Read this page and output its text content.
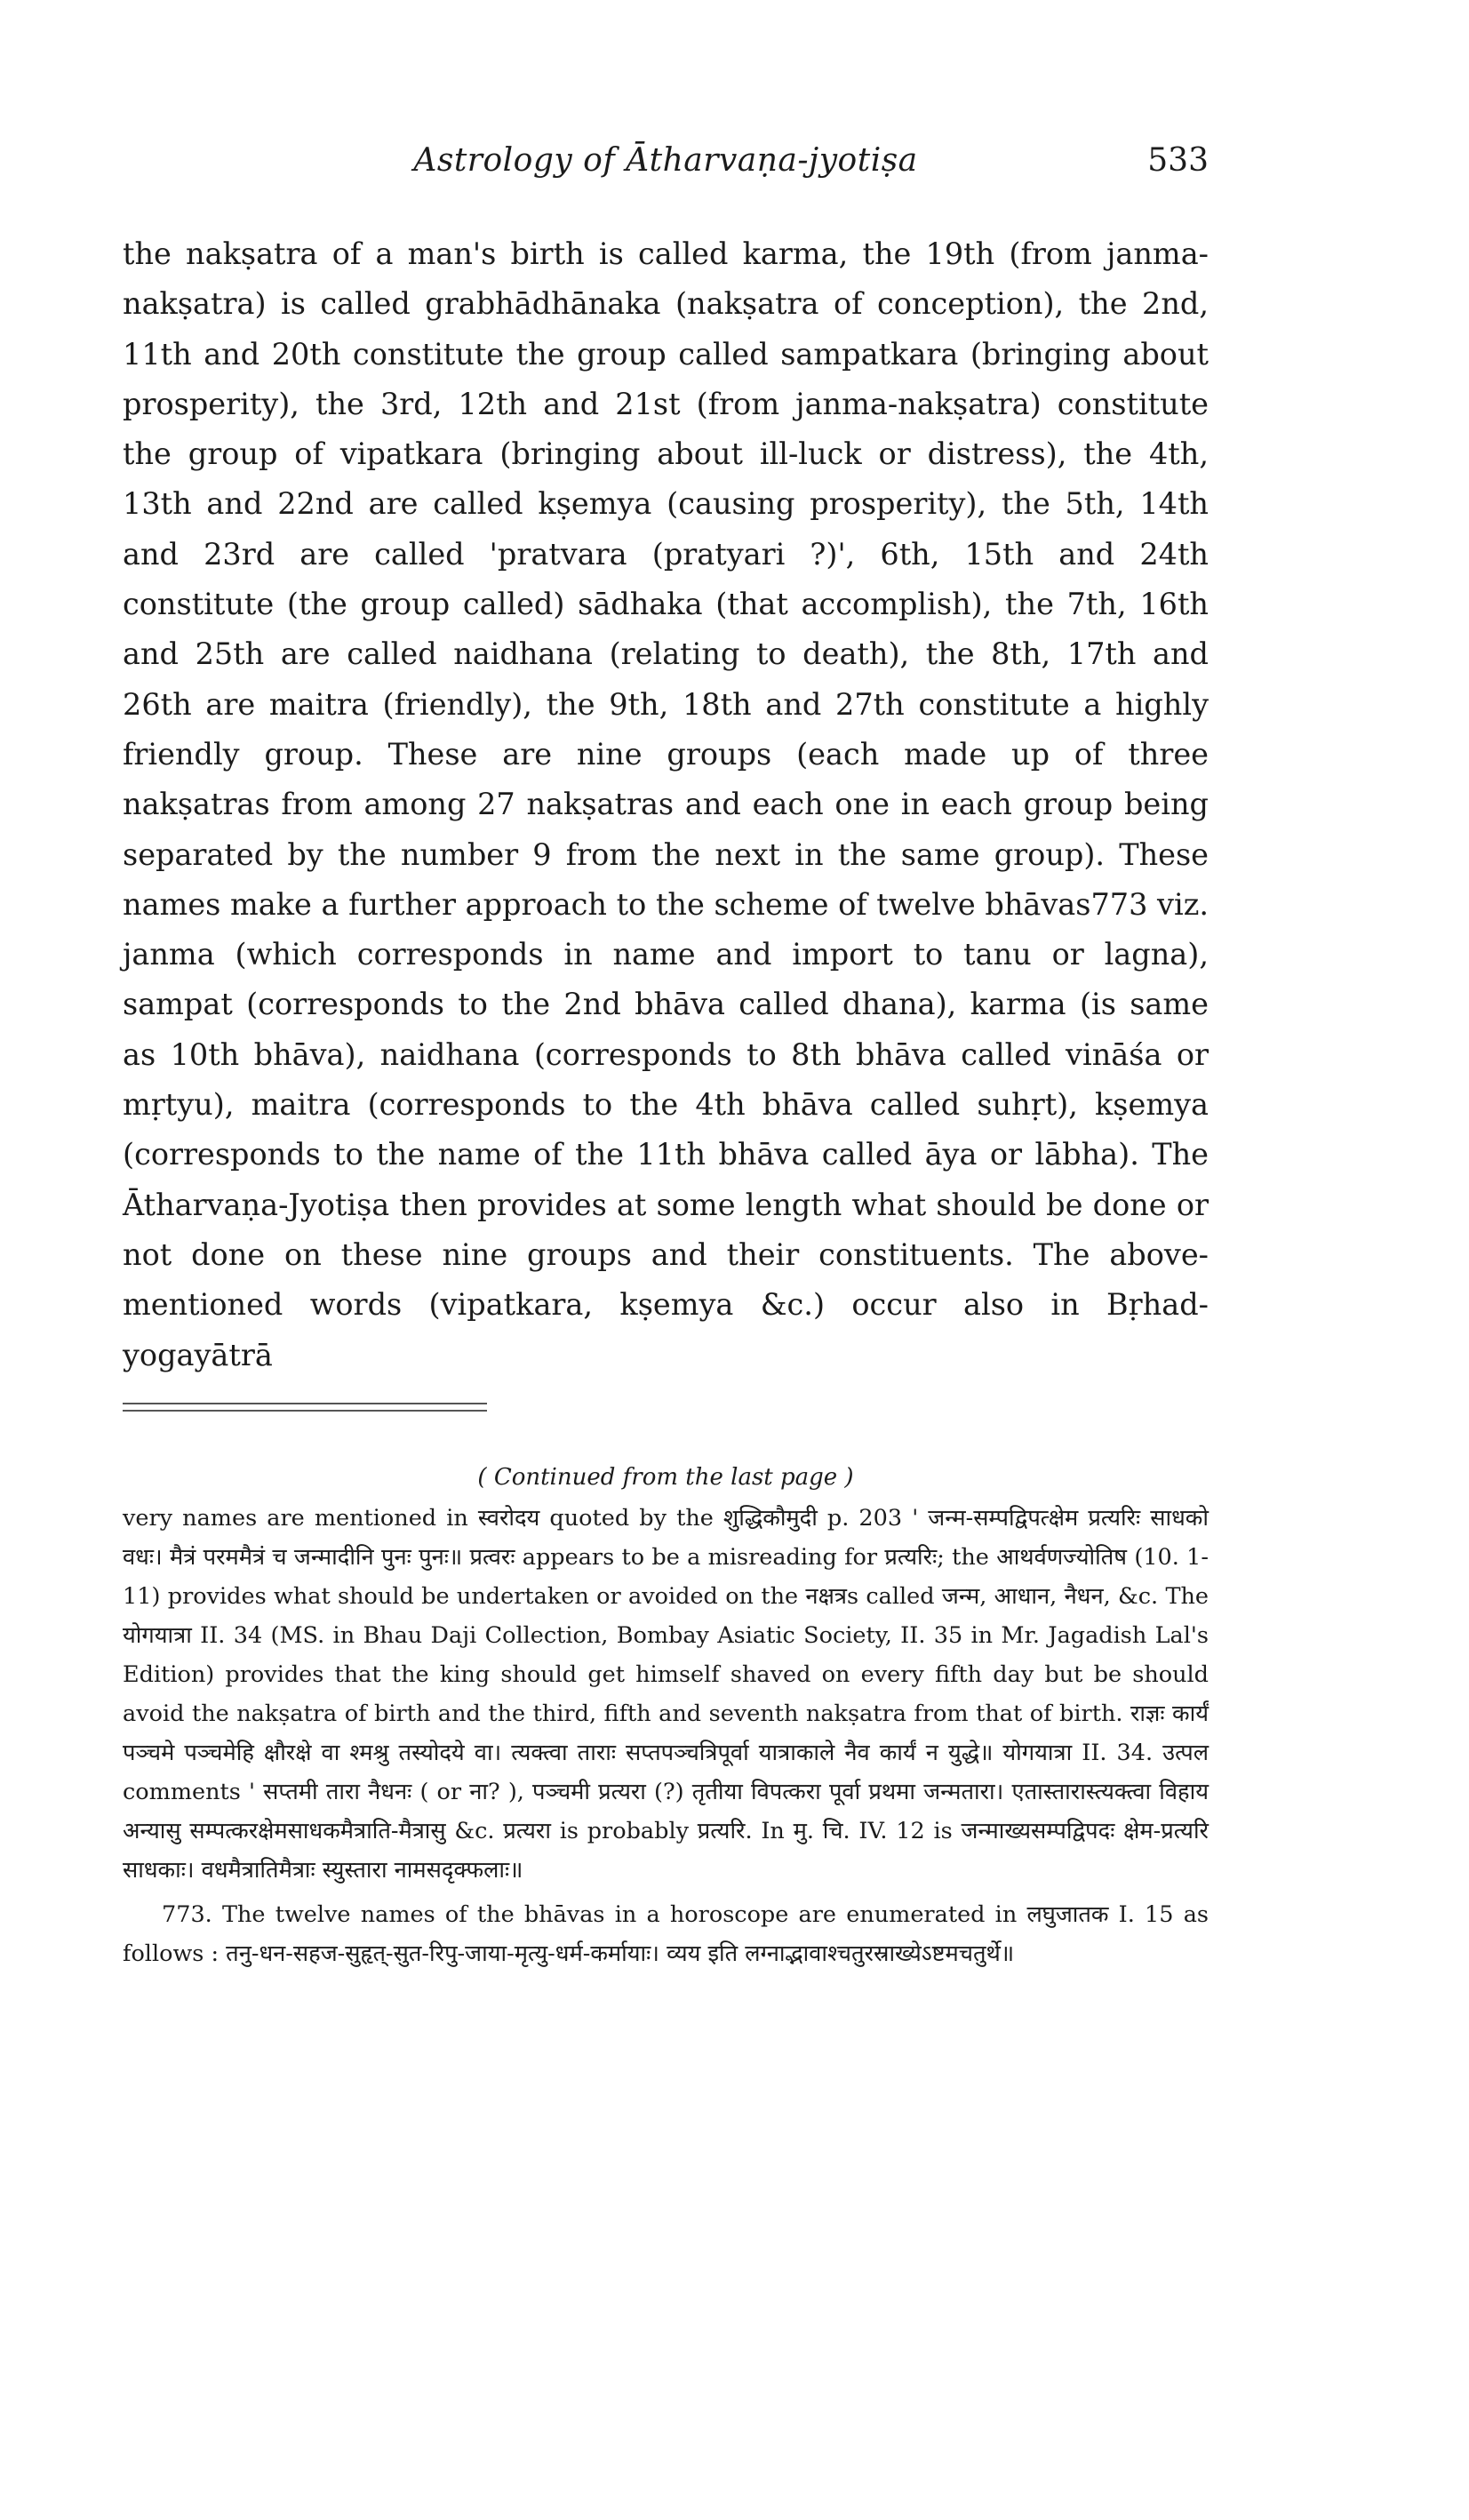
Astrology of Ātharvaṇa-jyotiṣa	533

the nakṣatra of a man's birth is called karma, the 19th (from janma-nakṣatra) is called grabhādhānaka (nakṣatra of conception), the 2nd, 11th and 20th constitute the group called sampatkara (bringing about prosperity), the 3rd, 12th and 21st (from janma-nakṣatra) constitute the group of vipatkara (bringing about ill-luck or distress), the 4th, 13th and 22nd are called kṣemya (causing prosperity), the 5th, 14th and 23rd are called 'pratvara (pratyari ?)', 6th, 15th and 24th constitute (the group called) sādhaka (that accomplish), the 7th, 16th and 25th are called naidhana (relating to death), the 8th, 17th and 26th are maitra (friendly), the 9th, 18th and 27th constitute a highly friendly group. These are nine groups (each made up of three nakṣatras from among 27 nakṣatras and each one in each group being separated by the number 9 from the next in the same group). These names make a further approach to the scheme of twelve bhāvas773 viz. janma (which corresponds in name and import to tanu or lagna), sampat (corresponds to the 2nd bhāva called dhana), karma (is same as 10th bhāva), naidhana (corresponds to 8th bhāva called vināśa or mṛtyu), maitra (corresponds to the 4th bhāva called suhṛt), kṣemya (corresponds to the name of the 11th bhāva called āya or lābha). The Ātharvaṇa-Jyotiṣa then provides at some length what should be done or not done on these nine groups and their constituents. The above-mentioned words (vipatkara, kṣemya &c.) occur also in Bṛhad-yogayātrā

( Continued from the last page )

very names are mentioned in स्वरोदय quoted by the शुद्धिकौमुदी p. 203 ' जन्म-सम्पद्विपत्क्षेम प्रत्यरिः साधको वधः। मैत्रं परममैत्रं च जन्मादीनि पुनः पुनः॥ प्रत्वरः appears to be a misreading for प्रत्यरिः; the आथर्वणज्योतिष (10. 1-11) provides what should be undertaken or avoided on the नक्षत्रs called जन्म, आधान, नैधन, &c. The योगयात्रा II. 34 (MS. in Bhau Daji Collection, Bombay Asiatic Society, II. 35 in Mr. Jagadish Lal's Edition) provides that the king should get himself shaved on every fifth day but be should avoid the nakṣatra of birth and the third, fifth and seventh nakṣatra from that of birth. राज्ञः कार्यं पञ्चमे पञ्चमेहि क्षौरक्षे वा श्मश्रु तस्योदये वा। त्यक्त्वा ताराः सप्तपञ्चत्रिपूर्वा यात्राकाले नैव कार्यं न युद्धे॥ योगयात्रा II. 34. उत्पल comments ' सप्तमी तारा नैधनः ( or ना? ), पञ्चमी प्रत्यरा (?) तृतीया विपत्करा पूर्वा प्रथमा जन्मतारा। एतास्तारास्त्यक्त्वा विहाय अन्यासु सम्पत्करक्षेमसाधकमैत्राति-मैत्रासु &c. प्रत्यरा is probably प्रत्यरि. In मु. चि. IV. 12 is जन्माख्यसम्पद्विपदः क्षेम-प्रत्यरि साधकाः। वधमैत्रातिमैत्राः स्युस्तारा नामसदृक्फलाः॥

773. The twelve names of the bhāvas in a horoscope are enumerated in लघुजातक I. 15 as follows : तनु-धन-सहज-सुहृत्-सुत-रिपु-जाया-मृत्यु-धर्म-कर्मायाः। व्यय इति लग्नाद्भावाश्चतुरस्राख्येऽष्टमचतुर्थे॥
